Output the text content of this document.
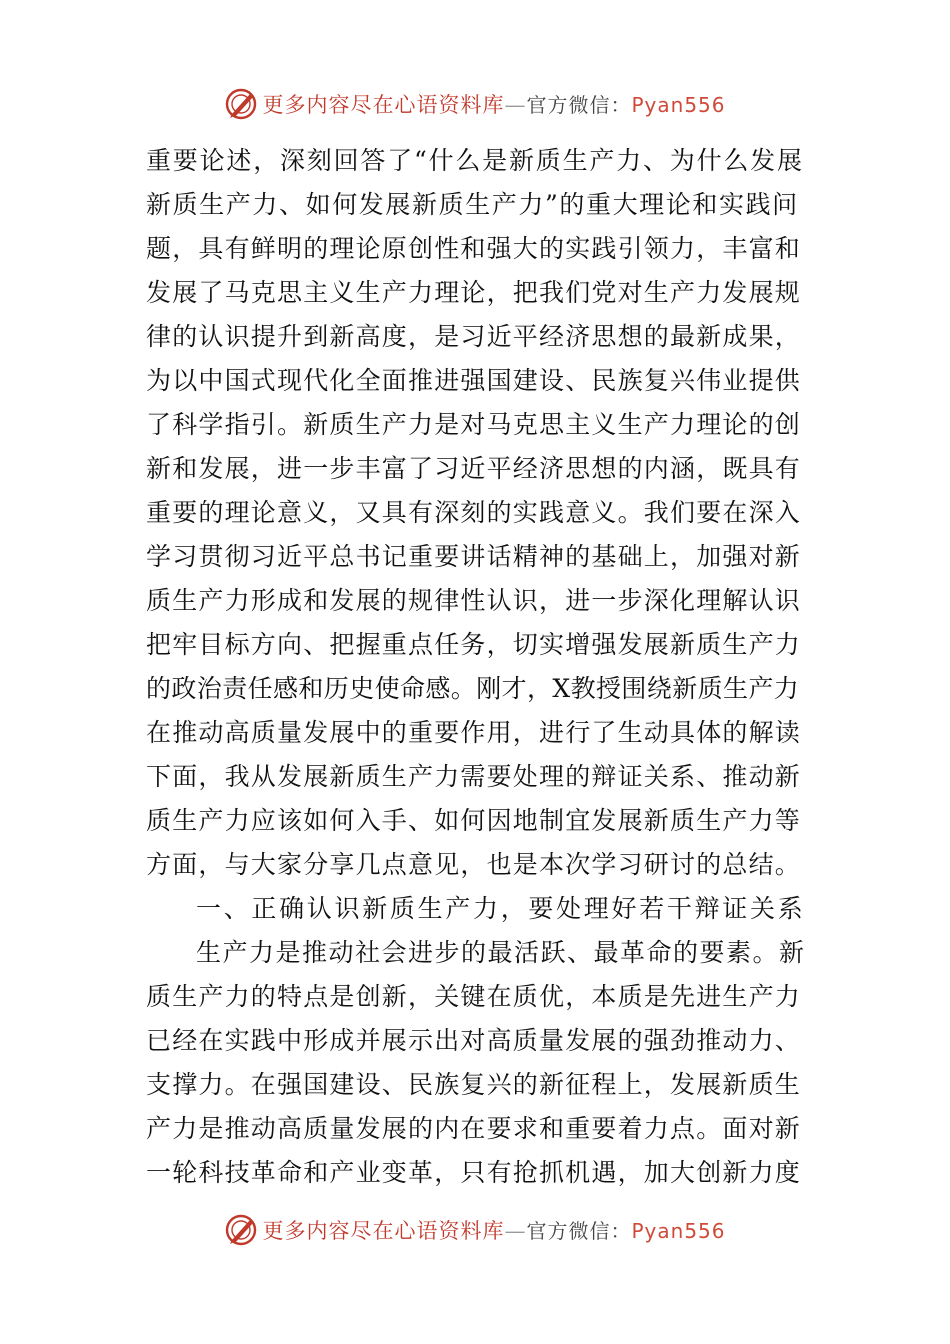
更多内容尽在心语资料库—官方微信：Pyan556
重要论述，深刻回答了“什么是新质生产力、为什么发展
新质生产力、如何发展新质生产力”的重大理论和实践问
题，具有鲜明的理论原创性和强大的实践引领力，丰富和
发展了马克思主义生产力理论，把我们党对生产力发展规
律的认识提升到新高度，是习近平经济思想的最新成果，
为以中国式现代化全面推进强国建设、民族复兴伟业提供
了科学指引。新质生产力是对马克思主义生产力理论的创
新和发展，进一步丰富了习近平经济思想的内涵，既具有
重要的理论意义，又具有深刻的实践意义。我们要在深入
学习贯彻习近平总书记重要讲话精神的基础上，加强对新
质生产力形成和发展的规律性认识，进一步深化理解认识
把牢目标方向、把握重点任务，切实增强发展新质生产力
的政治责任感和历史使命感。刚才，X教授围绕新质生产力
在推动高质量发展中的重要作用，进行了生动具体的解读
下面，我从发展新质生产力需要处理的辩证关系、推动新
质生产力应该如何入手、如何因地制宜发展新质生产力等
方面，与大家分享几点意见，也是本次学习研讨的总结。
一、正确认识新质生产力，要处理好若干辩证关系
生产力是推动社会进步的最活跃、最革命的要素。新
质生产力的特点是创新，关键在质优，本质是先进生产力
已经在实践中形成并展示出对高质量发展的强劲推动力、
支撑力。在强国建设、民族复兴的新征程上，发展新质生
产力是推动高质量发展的内在要求和重要着力点。面对新
一轮科技革命和产业变革，只有抢抓机遇，加大创新力度
更多内容尽在心语资料库—官方微信：Pyan556
